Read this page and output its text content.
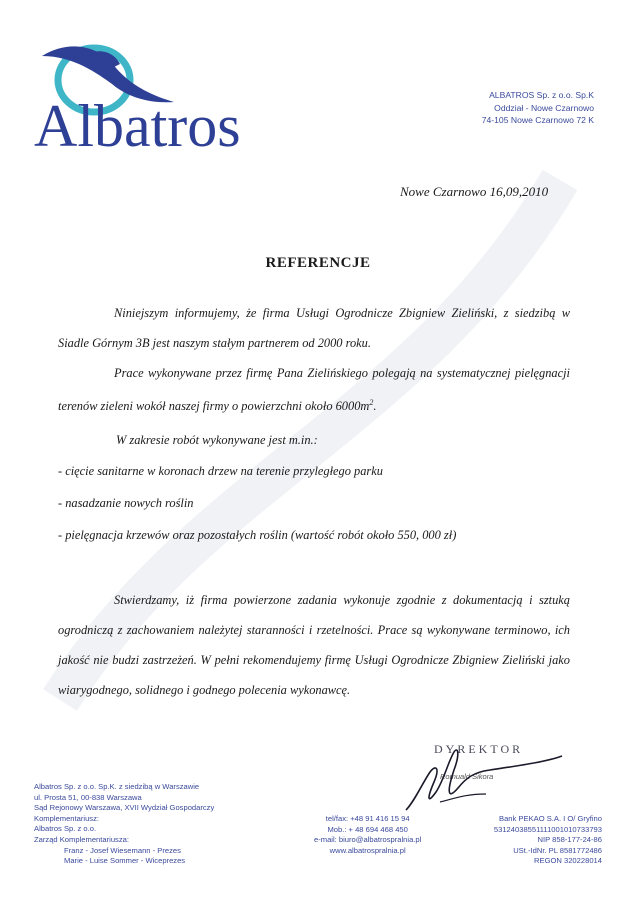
Albatros	ALBATROS Sp. z o.o. Sp.K
Oddział - Nowe Czarnowo
74-105 Nowe Czarnowo 72 K
Nowe Czarnowo 16,09,2010
REFERENCJE

Niniejszym informujemy, że firma Usługi Ogrodnicze Zbigniew Zieliński, z siedzibą w Siadle Górnym 3B jest naszym stałym partnerem od 2000 roku.

Prace wykonywane przez firmę Pana Zielińskiego polegają na systematycznej pielęgnacji terenów zieleni wokół naszej firmy o powierzchni około $6000m^2$.

W zakresie robót wykonywane jest m.in.:

- cięcie sanitarne w koronach drzew na terenie przyległego parku

- nasadzanie nowych roślin

- pielęgnacja krzewów oraz pozostałych roślin (wartość robót około 550, 000 zł)

Stwierdzamy, iż firma powierzone zadania wykonuje zgodnie z dokumentacją i sztuką ogrodniczą z zachowaniem należytej staranności i rzetelności. Prace są wykonywane terminowo, ich jakość nie budzi zastrzeżeń. W pełni rekomendujemy firmę Usługi Ogrodnicze Zbigniew Zieliński jako wiarygodnego, solidnego i godnego polecenia wykonawcę.

DYREKTOR
Romuald Sikora
Albatros Sp. z o.o. Sp.K. z siedzibą w Warszawie
ul. Prosta 51, 00-838 Warszawa
Sąd Rejonowy Warszawa, XVII Wydział Gospodarczy
Komplementariusz:
Albatros Sp. z o.o.
Zarząd Komplementariusza:
Franz - Josef Wiesemann - Prezes
Marie - Luise Sommer - Wiceprezes
tel/fax: +48 91 416 15 94
Mob.: + 48 694 468 450
e-mail: biuro@albatrospralnia.pl
www.albatrospralnia.pl
Bank PEKAO S.A. I O/ Gryfino
53124038551111001010733793
NIP 858-177-24-86
USt.-IdNr. PL 8581772486
REGON 320228014
